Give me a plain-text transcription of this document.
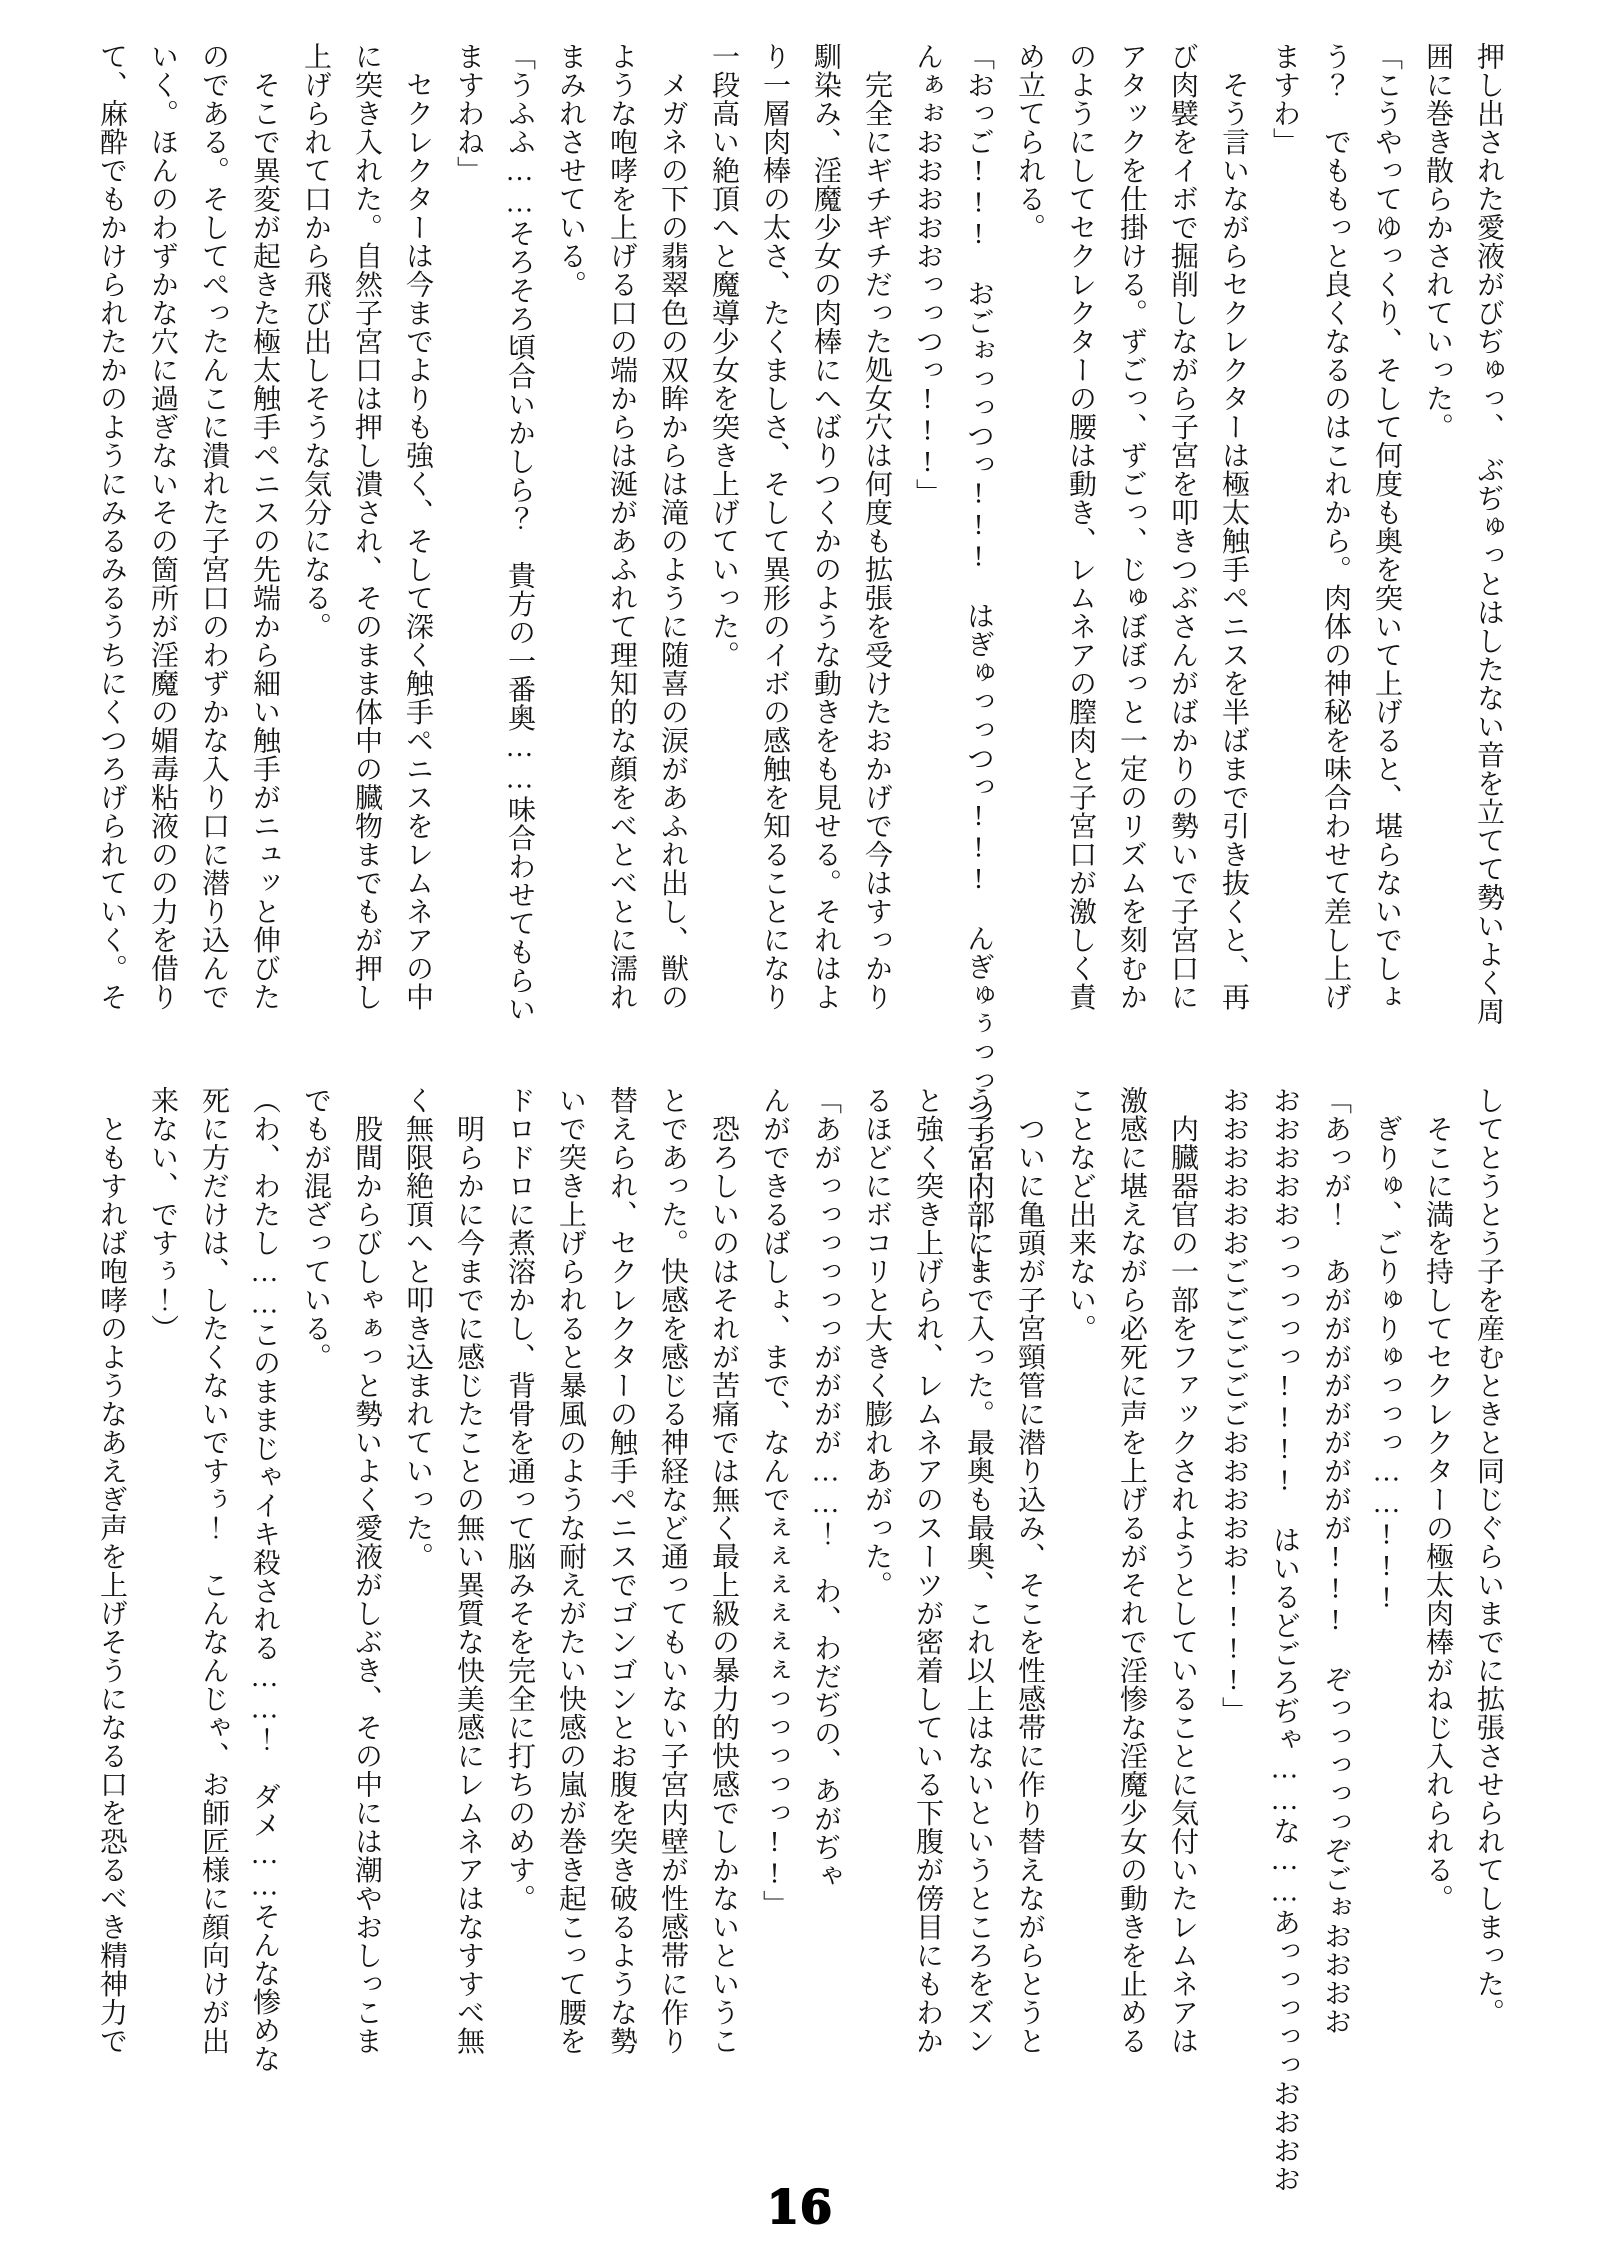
押し出された愛液がびぢゅっ、　ぶぢゅっとはしたない音を立てて勢いよく周

囲に巻き散らかされていった。

「こうやってゆっくり、そして何度も奥を突いて上げると、堪らないでしょ

う？　でももっと良くなるのはこれから。肉体の神秘を味合わせて差し上げ

ますわ」

　そう言いながらセクレクターは極太触手ペニスを半ばまで引き抜くと、再

び肉襞をイボで掘削しながら子宮を叩きつぶさんがばかりの勢いで子宮口に

アタックを仕掛ける。ずごっ、ずごっ、じゅぼぼっと一定のリズムを刻むか

のようにしてセクレクターの腰は動き、レムネアの膣肉と子宮口が激しく責

め立てられる。

「おっご!!!　おごぉっっつっ!!!　はぎゅっっつっ!!!　んぎゅぅっっつっ!!!!

んぁぉおおおおおっっつっ!!!」

　完全にギチギチだった処女穴は何度も拡張を受けたおかげで今はすっかり

馴染み、淫魔少女の肉棒にへばりつくかのような動きをも見せる。それはよ

り一層肉棒の太さ、たくましさ、そして異形のイボの感触を知ることになり

一段高い絶頂へと魔導少女を突き上げていった。

　メガネの下の翡翠色の双眸からは滝のように随喜の涙があふれ出し、獣の

ような咆哮を上げる口の端からは涎があふれて理知的な顔をべとべとに濡れ

まみれさせている。

「うふふ……そろそろ頃合いかしら？　貴方の一番奥……味合わせてもらい

ますわね」

　セクレクターは今までよりも強く、そして深く触手ペニスをレムネアの中

に突き入れた。自然子宮口は押し潰され、そのまま体中の臓物までもが押し

上げられて口から飛び出しそうな気分になる。

　そこで異変が起きた極太触手ペニスの先端から細い触手がニュッと伸びた

のである。そしてぺったんこに潰れた子宮口のわずかな入り口に潜り込んで

いく。ほんのわずかな穴に過ぎないその箇所が淫魔の媚毒粘液のの力を借り

て、麻酔でもかけられたかのようにみるみるうちにくつろげられていく。そ

してとうとう子を産むときと同じぐらいまでに拡張させられてしまった。

　そこに満を持してセクレクターの極太肉棒がねじ入れられる。

　ぎりゅ、ごりゅりゅっっっ……!!!

「あっが！　あががががががががが!!!　ぞっっっっっぞごぉおおおお

おおおおおっっっっっ!!!!　はいるどごろぢゃ……な……あっっっっっおおおお

おおおおおおごごごごごごおおおおお!!!!」

　内臓器官の一部をファックされようとしていることに気付いたレムネアは

激感に堪えながら必死に声を上げるがそれで淫惨な淫魔少女の動きを止める

ことなど出来ない。

　ついに亀頭が子宮頸管に潜り込み、そこを性感帯に作り替えながらとうと

う子宮内部にまで入った。最奥も最奥、これ以上はないというところをズン

と強く突き上げられ、レムネアのスーツが密着している下腹が傍目にもわか

るほどにボコリと大きく膨れあがった。

「あがっっっっっっがががが……！　わ、わだぢの、あがぢゃ

んができるばしょ、まで、なんでぇぇぇぇぇぇっっっっっ!!」

　恐ろしいのはそれが苦痛では無く最上級の暴力的快感でしかないというこ

とであった。快感を感じる神経など通ってもいない子宮内壁が性感帯に作り

替えられ、セクレクターの触手ペニスでゴンゴンとお腹を突き破るような勢

いで突き上げられると暴風のような耐えがたい快感の嵐が巻き起こって腰を

ドロドロに煮溶かし、背骨を通って脳みそを完全に打ちのめす。

　明らかに今までに感じたことの無い異質な快美感にレムネアはなすすべ無

く無限絶頂へと叩き込まれていった。

　股間からびしゃぁっと勢いよく愛液がしぶき、その中には潮やおしっこま

でもが混ざっている。

（わ、わたし……このままじゃイキ殺される……！　ダメ……そんな惨めな

死に方だけは、したくないですぅ！　こんなんじゃ、お師匠様に顔向けが出

来ない、ですぅ！）

　ともすれば咆哮のようなあえぎ声を上げそうになる口を恐るべき精神力で

16
